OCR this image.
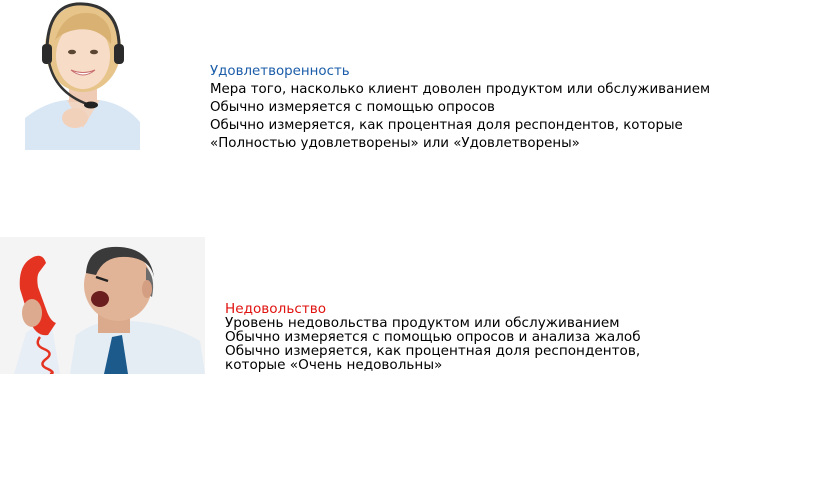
Удовлетворенность
Мера того, насколько клиент доволен продуктом или обслуживанием
Обычно измеряется с помощью опросов
Обычно измеряется, как процентная доля респондентов, которые
«Полностью удовлетворены» или «Удовлетворены»
Недовольство
Уровень недовольства продуктом или обслуживанием
Обычно измеряется с помощью опросов и анализа жалоб
Обычно измеряется, как процентная доля респондентов,
которые «Очень недовольны»
